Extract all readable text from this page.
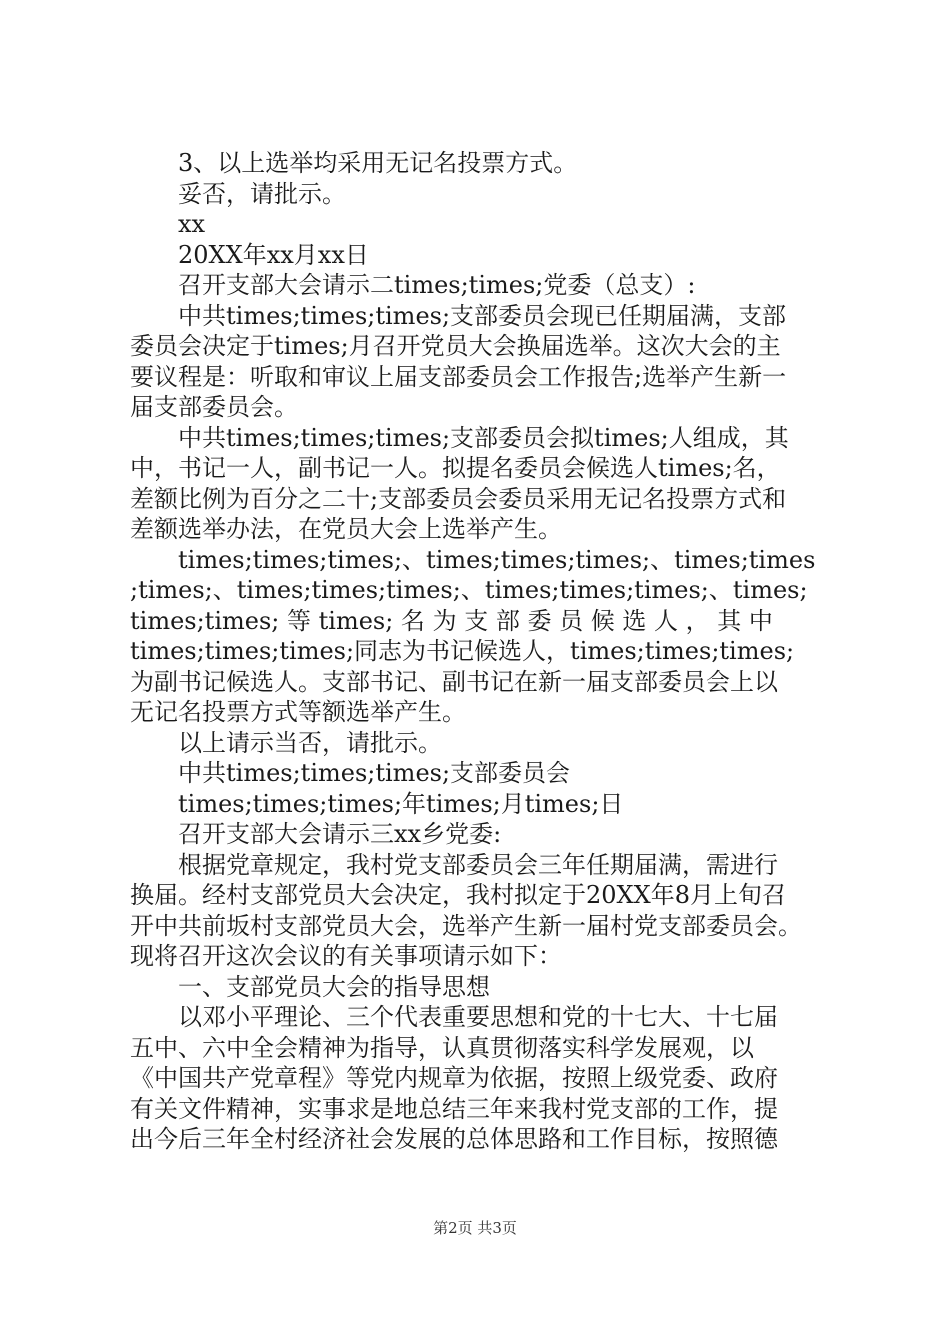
3、以上选举均采用无记名投票方式。

妥否，请批示。

xx

20XX年xx月xx日

召开支部大会请示二times;times;党委（总支）:

中共times;times;times;支部委员会现已任期届满，支部

委员会决定于times;月召开党员大会换届选举。这次大会的主

要议程是：听取和审议上届支部委员会工作报告;选举产生新一

届支部委员会。

中共times;times;times;支部委员会拟times;人组成，其

中，书记一人，副书记一人。拟提名委员会候选人times;名，

差额比例为百分之二十;支部委员会委员采用无记名投票方式和

差额选举办法，在党员大会上选举产生。

times;times;times;、times;times;times;、times;times

;times;、times;times;times;、times;times;times;、times;

times;times; 等 times; 名 为 支 部 委 员 候 选 人 ， 其 中

times;times;times;同志为书记候选人，times;times;times;

为副书记候选人。支部书记、副书记在新一届支部委员会上以

无记名投票方式等额选举产生。

以上请示当否，请批示。

中共times;times;times;支部委员会

times;times;times;年times;月times;日

召开支部大会请示三xx乡党委:

根据党章规定，我村党支部委员会三年任期届满，需进行

换届。经村支部党员大会决定，我村拟定于20XX年8月上旬召

开中共前坂村支部党员大会，选举产生新一届村党支部委员会。

现将召开这次会议的有关事项请示如下：

一、支部党员大会的指导思想

以邓小平理论、三个代表重要思想和党的十七大、十七届

五中、六中全会精神为指导，认真贯彻落实科学发展观，以

《中国共产党章程》等党内规章为依据，按照上级党委、政府

有关文件精神，实事求是地总结三年来我村党支部的工作，提

出今后三年全村经济社会发展的总体思路和工作目标，按照德

第2页 共3页
